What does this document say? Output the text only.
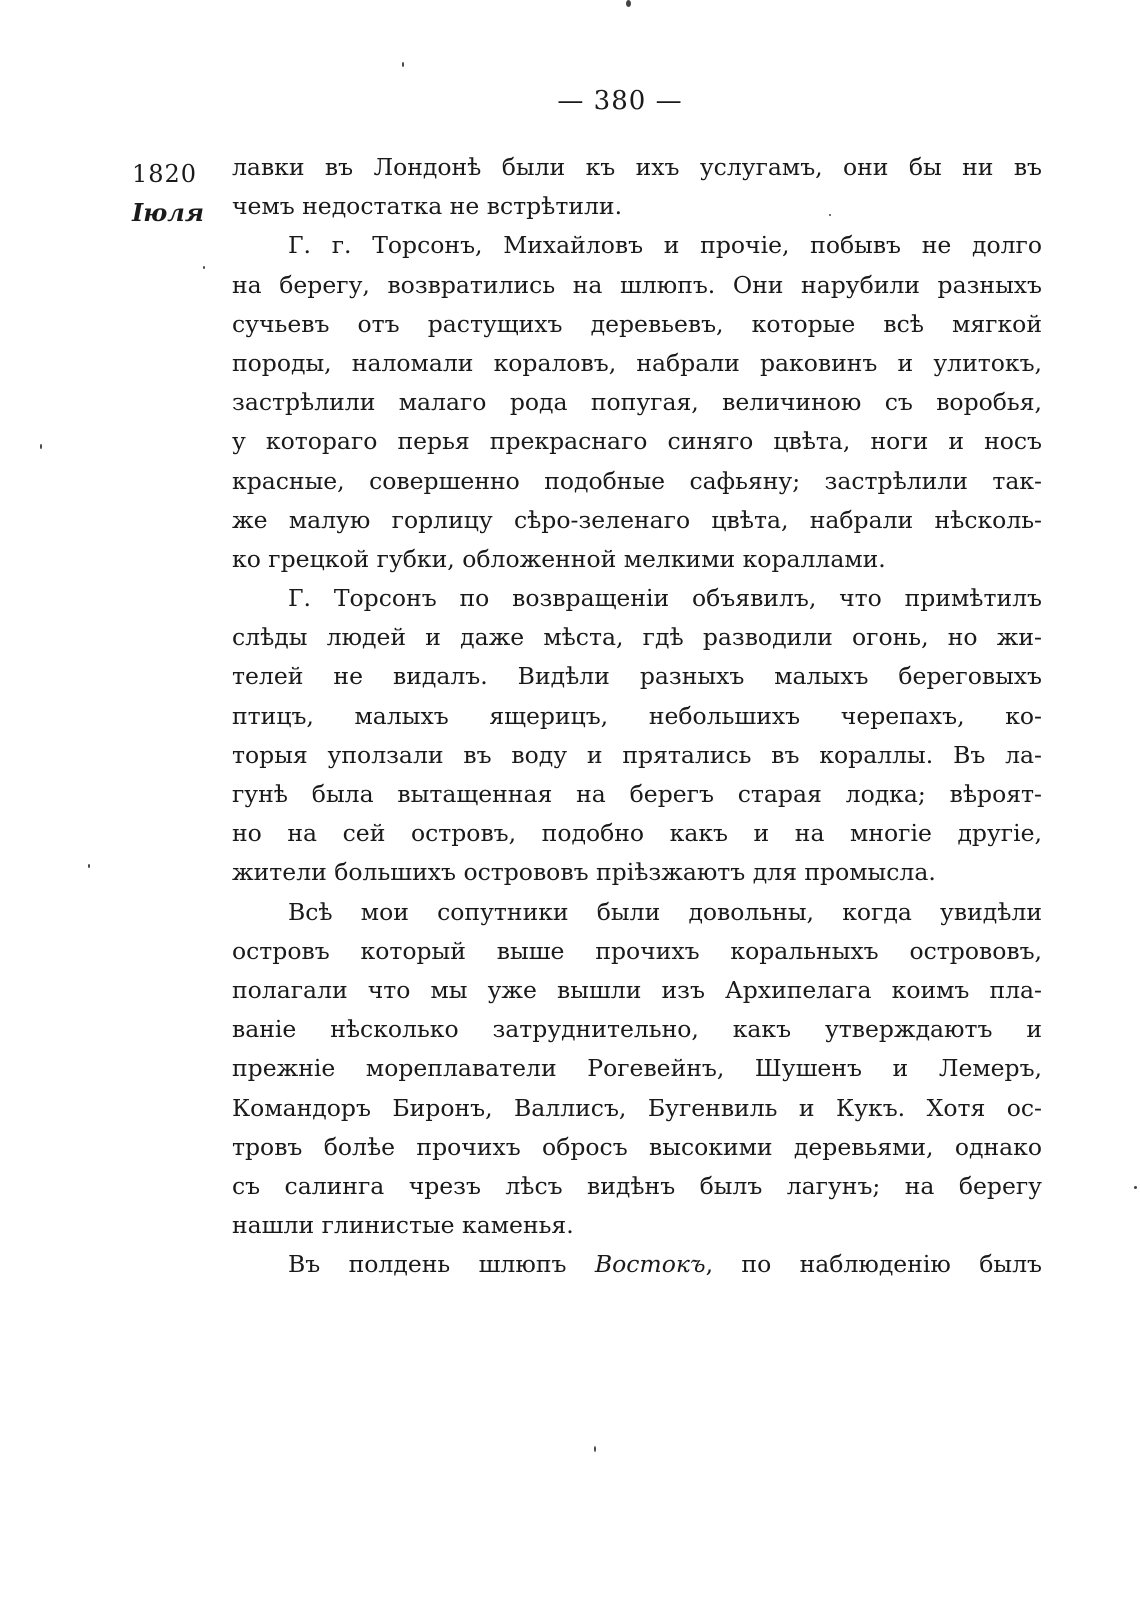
— 380 —
1820
Іюля
лавки въ Лондонѣ были къ ихъ услугамъ, они бы ни въ
чемъ недостатка не встрѣтили.
Г. г. Торсонъ, Михайловъ и прочіе, побывъ не долго
на берегу, возвратились на шлюпъ. Они нарубили разныхъ
сучьевъ отъ растущихъ деревьевъ, которые всѣ мягкой
породы, наломали кораловъ, набрали раковинъ и улитокъ,
застрѣлили малаго рода попугая, величиною съ воробья,
у котораго перья прекраснаго синяго цвѣта, ноги и носъ
красные, совершенно подобные сафьяну; застрѣлили так-
же малую горлицу сѣро-зеленаго цвѣта, набрали нѣсколь-
ко грецкой губки, обложенной мелкими кораллами.
Г. Торсонъ по возвращеніи объявилъ, что примѣтилъ
слѣды людей и даже мѣста, гдѣ разводили огонь, но жи-
телей не видалъ. Видѣли разныхъ малыхъ береговыхъ
птицъ, малыхъ ящерицъ, небольшихъ черепахъ, ко-
торыя уползали въ воду и прятались въ кораллы. Въ ла-
гунѣ была вытащенная на берегъ старая лодка; вѣроят-
но на сей островъ, подобно какъ и на многіе другіе,
жители большихъ острововъ пріѣзжаютъ для промысла.
Всѣ мои сопутники были довольны, когда увидѣли
островъ который выше прочихъ коральныхъ острововъ,
полагали что мы уже вышли изъ Архипелага коимъ пла-
ваніе нѣсколько затруднительно, какъ утверждаютъ и
прежніе мореплаватели Рогевейнъ, Шушенъ и Лемеръ,
Командоръ Биронъ, Валлисъ, Бугенвиль и Кукъ. Хотя ос-
тровъ болѣе прочихъ обросъ высокими деревьями, однако
съ салинга чрезъ лѣсъ видѣнъ былъ лагунъ; на берегу
нашли глинистые каменья.
Въ полдень шлюпъ Востокъ, по наблюденію былъ
